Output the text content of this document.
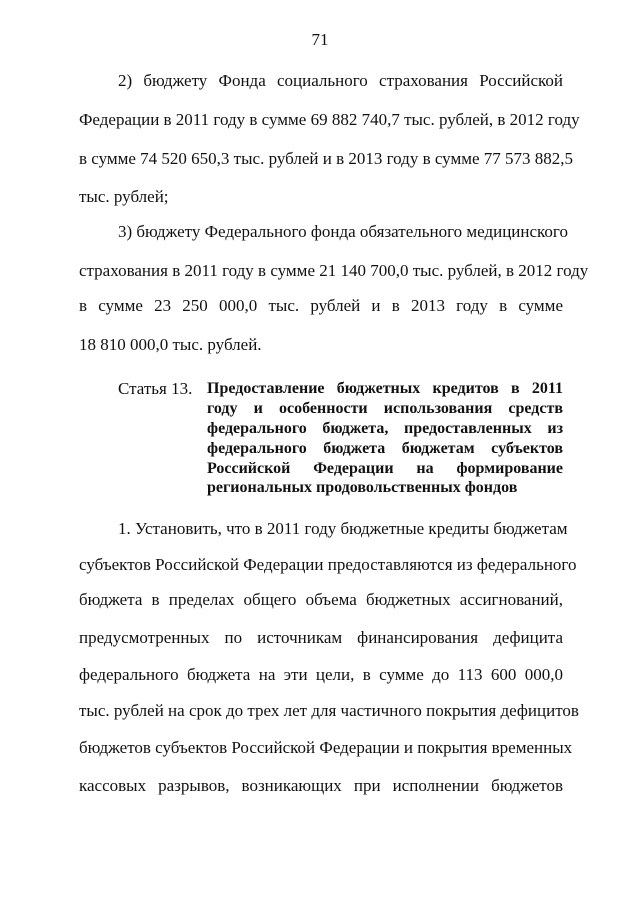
71
2) бюджету Фонда социального страхования Российской
Федерации в 2011 году в сумме 69 882 740,7 тыс. рублей, в 2012 году
в сумме 74 520 650,3 тыс. рублей и в 2013 году в сумме 77 573 882,5
тыс. рублей;
3) бюджету Федерального фонда обязательного медицинского
страхования в 2011 году в сумме 21 140 700,0 тыс. рублей, в 2012 году
в сумме 23 250 000,0 тыс. рублей и в 2013 году в сумме
18 810 000,0 тыс. рублей.
Статья 13. Предоставление бюджетных кредитов в 2011
году и особенности использования средств
федерального бюджета, предоставленных из
федерального бюджета бюджетам субъектов
Российской Федерации на формирование
региональных продовольственных фондов
1. Установить, что в 2011 году бюджетные кредиты бюджетам
субъектов Российской Федерации предоставляются из федерального
бюджета в пределах общего объема бюджетных ассигнований,
предусмотренных по источникам финансирования дефицита
федерального бюджета на эти цели, в сумме до 113 600 000,0
тыс. рублей на срок до трех лет для частичного покрытия дефицитов
бюджетов субъектов Российской Федерации и покрытия временных
кассовых разрывов, возникающих при исполнении бюджетов
